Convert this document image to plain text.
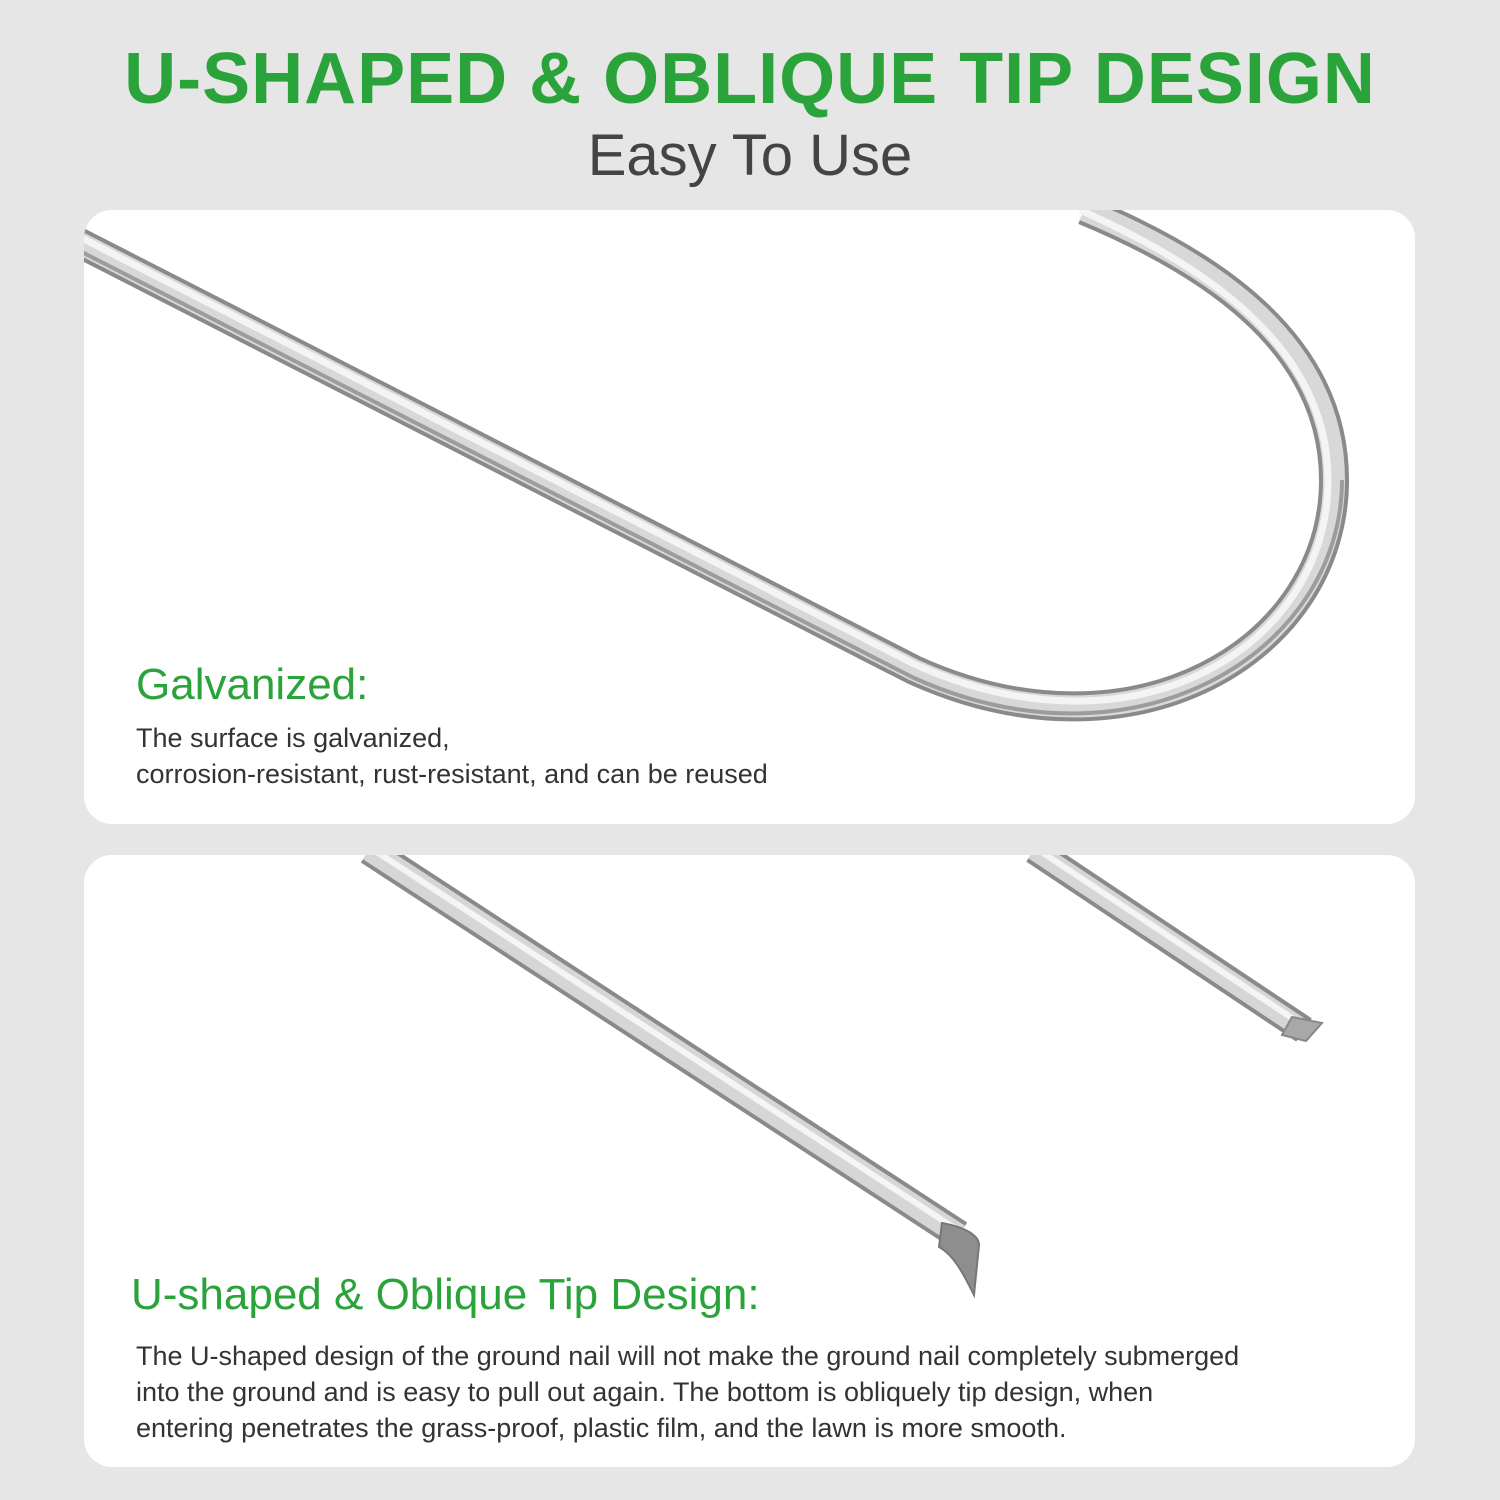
U-SHAPED & OBLIQUE TIP DESIGN
Easy To Use
Galvanized:
The surface is galvanized,
corrosion-resistant, rust-resistant, and can be reused
U-shaped & Oblique Tip Design:
The U-shaped design of the ground nail will not make the ground nail completely submerged
into the ground and is easy to pull out again. The bottom is obliquely tip design, when
entering penetrates the grass-proof, plastic film, and the lawn is more smooth.
